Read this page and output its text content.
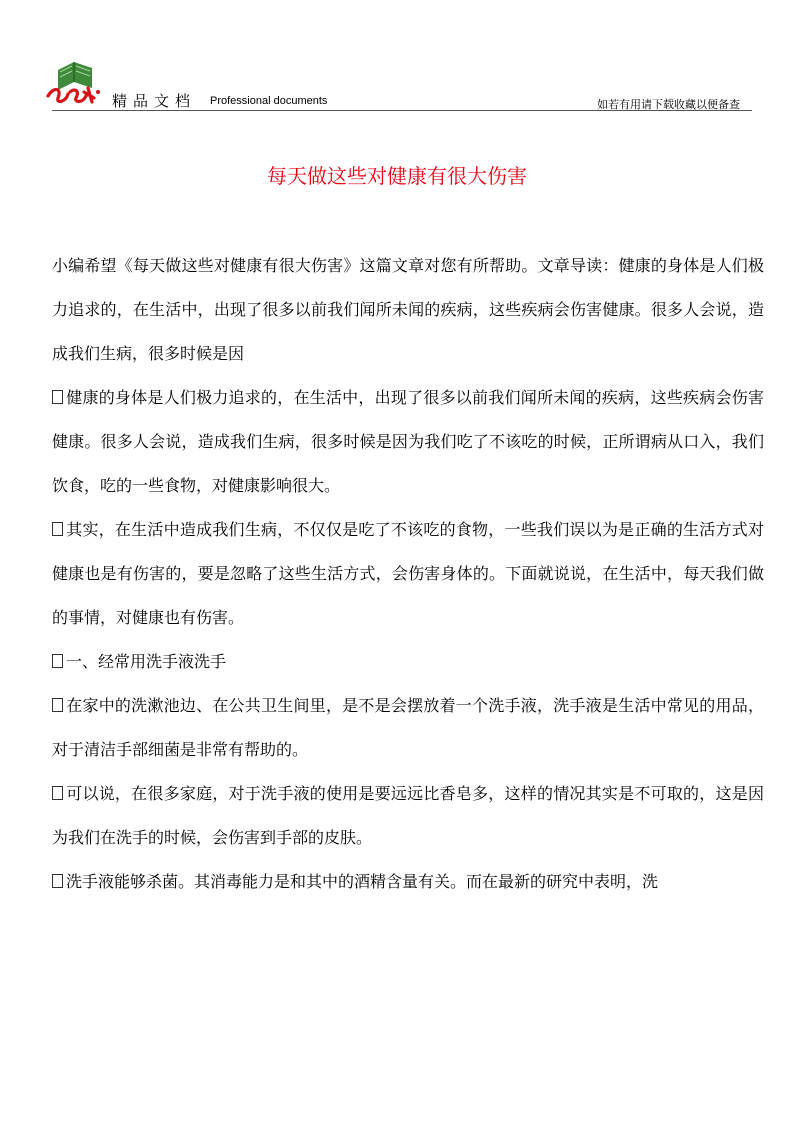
精品文档 Professional documents	如若有用请下载收藏以便备查
每天做这些对健康有很大伤害

小编希望《每天做这些对健康有很大伤害》这篇文章对您有所帮助。文章导读：健康的身体是人们极力追求的，在生活中，出现了很多以前我们闻所未闻的疾病，这些疾病会伤害健康。很多人会说，造成我们生病，很多时候是因

健康的身体是人们极力追求的，在生活中，出现了很多以前我们闻所未闻的疾病，这些疾病会伤害健康。很多人会说，造成我们生病，很多时候是因为我们吃了不该吃的时候，正所谓病从口入，我们饮食，吃的一些食物，对健康影响很大。

其实，在生活中造成我们生病，不仅仅是吃了不该吃的食物，一些我们误以为是正确的生活方式对健康也是有伤害的，要是忽略了这些生活方式，会伤害身体的。下面就说说，在生活中，每天我们做的事情，对健康也有伤害。

一、经常用洗手液洗手

在家中的洗漱池边、在公共卫生间里，是不是会摆放着一个洗手液，洗手液是生活中常见的用品，对于清洁手部细菌是非常有帮助的。

可以说，在很多家庭，对于洗手液的使用是要远远比香皂多，这样的情况其实是不可取的，这是因为我们在洗手的时候，会伤害到手部的皮肤。

洗手液能够杀菌。其消毒能力是和其中的酒精含量有关。而在最新的研究中表明，洗
